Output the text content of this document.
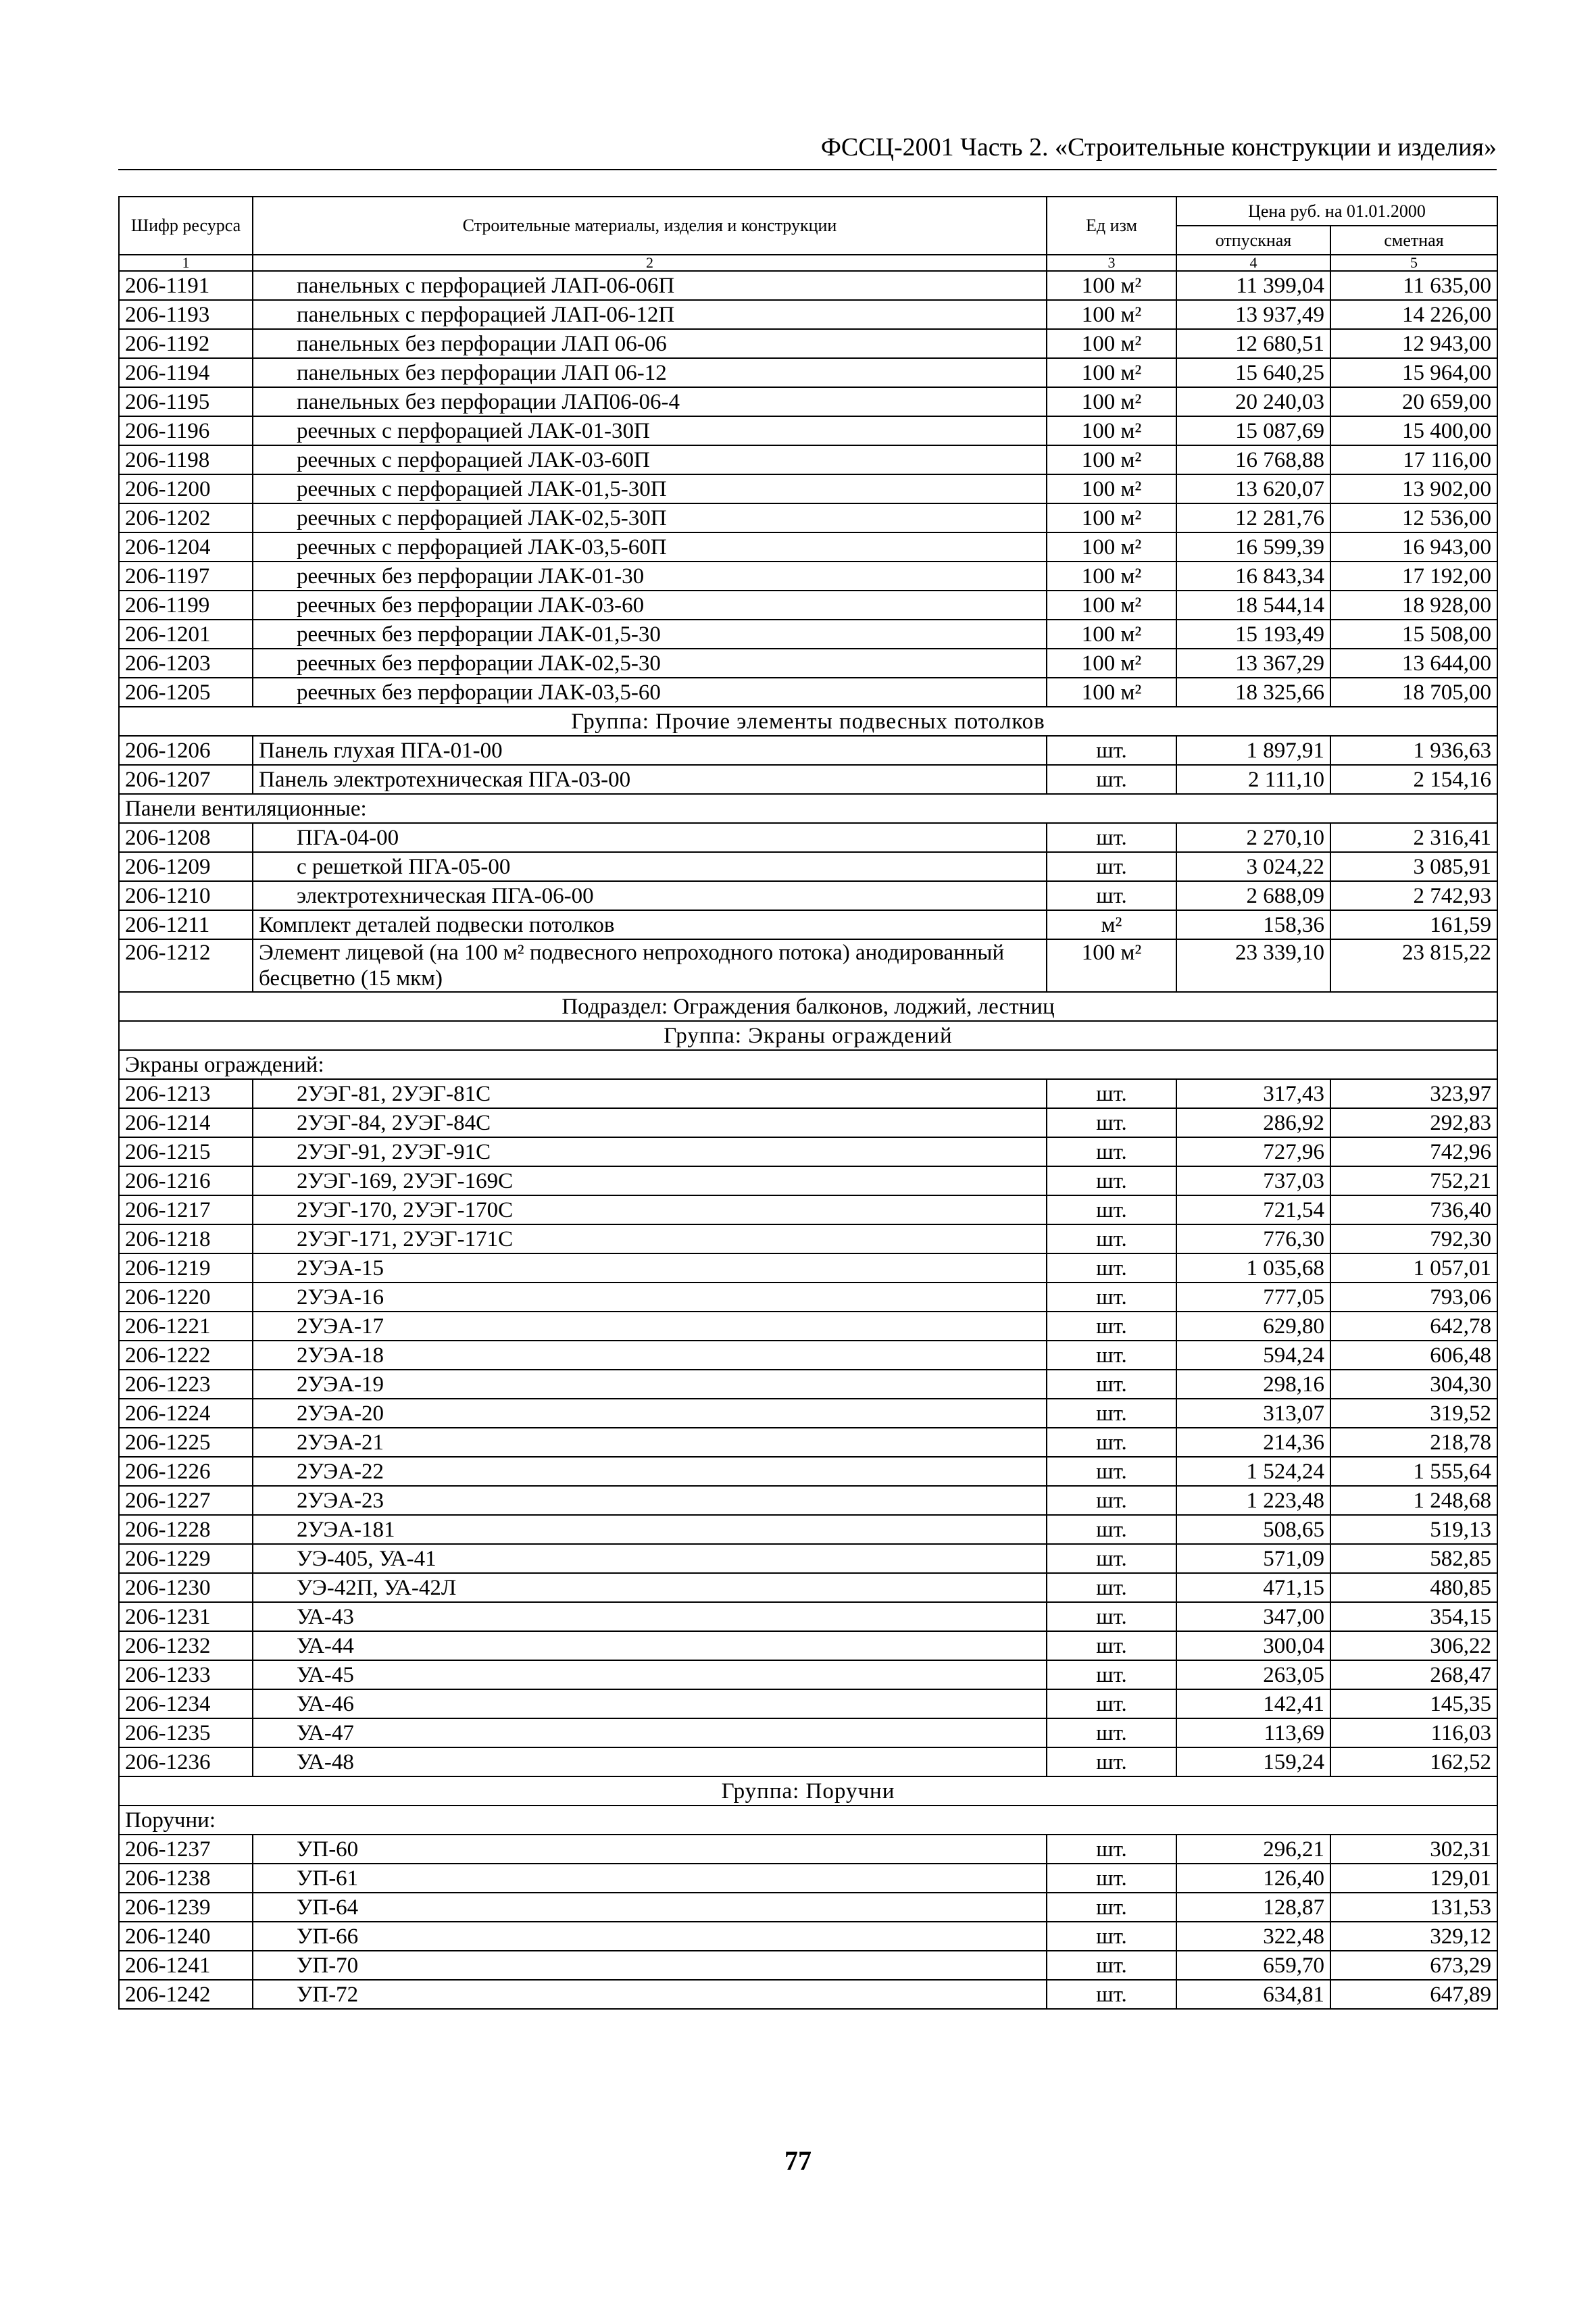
ФССЦ-2001 Часть 2. «Строительные конструкции и изделия»
Шифр ресурса	Строительные материалы, изделия и конструкции	Ед изм	Цена руб. на 01.01.2000	
			отпускная	сметная
1	2	3	4	5
206-1191	панельных с перфорацией ЛАП-06-06П	100 м²	11 399,04	11 635,00
206-1193	панельных с перфорацией ЛАП-06-12П	100 м²	13 937,49	14 226,00
206-1192	панельных без перфорации ЛАП 06-06	100 м²	12 680,51	12 943,00
206-1194	панельных без перфорации ЛАП 06-12	100 м²	15 640,25	15 964,00
206-1195	панельных без перфорации ЛАП06-06-4	100 м²	20 240,03	20 659,00
206-1196	реечных с перфорацией ЛАК-01-30П	100 м²	15 087,69	15 400,00
206-1198	реечных с перфорацией ЛАК-03-60П	100 м²	16 768,88	17 116,00
206-1200	реечных с перфорацией ЛАК-01,5-30П	100 м²	13 620,07	13 902,00
206-1202	реечных с перфорацией ЛАК-02,5-30П	100 м²	12 281,76	12 536,00
206-1204	реечных с перфорацией ЛАК-03,5-60П	100 м²	16 599,39	16 943,00
206-1197	реечных без перфорации ЛАК-01-30	100 м²	16 843,34	17 192,00
206-1199	реечных без перфорации ЛАК-03-60	100 м²	18 544,14	18 928,00
206-1201	реечных без перфорации ЛАК-01,5-30	100 м²	15 193,49	15 508,00
206-1203	реечных без перфорации ЛАК-02,5-30	100 м²	13 367,29	13 644,00
206-1205	реечных без перфорации ЛАК-03,5-60	100 м²	18 325,66	18 705,00
Группа: Прочие элементы подвесных потолков				
206-1206	Панель глухая ПГА-01-00	шт.	1 897,91	1 936,63
206-1207	Панель электротехническая ПГА-03-00	шт.	2 111,10	2 154,16
Панели вентиляционные:				
206-1208	ПГА-04-00	шт.	2 270,10	2 316,41
206-1209	с решеткой ПГА-05-00	шт.	3 024,22	3 085,91
206-1210	электротехническая ПГА-06-00	шт.	2 688,09	2 742,93
206-1211	Комплект деталей подвески потолков	м²	158,36	161,59
206-1212	Элемент лицевой (на 100 м² подвесного непроходного потока) анодированный бесцветно (15 мкм)	100 м²	23 339,10	23 815,22
Подраздел: Ограждения балконов, лоджий, лестниц				
Группа: Экраны ограждений				
Экраны ограждений:				
206-1213	2УЭГ-81, 2УЭГ-81С	шт.	317,43	323,97
206-1214	2УЭГ-84, 2УЭГ-84С	шт.	286,92	292,83
206-1215	2УЭГ-91, 2УЭГ-91С	шт.	727,96	742,96
206-1216	2УЭГ-169, 2УЭГ-169С	шт.	737,03	752,21
206-1217	2УЭГ-170, 2УЭГ-170С	шт.	721,54	736,40
206-1218	2УЭГ-171, 2УЭГ-171С	шт.	776,30	792,30
206-1219	2УЭА-15	шт.	1 035,68	1 057,01
206-1220	2УЭА-16	шт.	777,05	793,06
206-1221	2УЭА-17	шт.	629,80	642,78
206-1222	2УЭА-18	шт.	594,24	606,48
206-1223	2УЭА-19	шт.	298,16	304,30
206-1224	2УЭА-20	шт.	313,07	319,52
206-1225	2УЭА-21	шт.	214,36	218,78
206-1226	2УЭА-22	шт.	1 524,24	1 555,64
206-1227	2УЭА-23	шт.	1 223,48	1 248,68
206-1228	2УЭА-181	шт.	508,65	519,13
206-1229	УЭ-405, УА-41	шт.	571,09	582,85
206-1230	УЭ-42П, УА-42Л	шт.	471,15	480,85
206-1231	УА-43	шт.	347,00	354,15
206-1232	УА-44	шт.	300,04	306,22
206-1233	УА-45	шт.	263,05	268,47
206-1234	УА-46	шт.	142,41	145,35
206-1235	УА-47	шт.	113,69	116,03
206-1236	УА-48	шт.	159,24	162,52
Группа: Поручни				
Поручни:				
206-1237	УП-60	шт.	296,21	302,31
206-1238	УП-61	шт.	126,40	129,01
206-1239	УП-64	шт.	128,87	131,53
206-1240	УП-66	шт.	322,48	329,12
206-1241	УП-70	шт.	659,70	673,29
206-1242	УП-72	шт.	634,81	647,89
77
